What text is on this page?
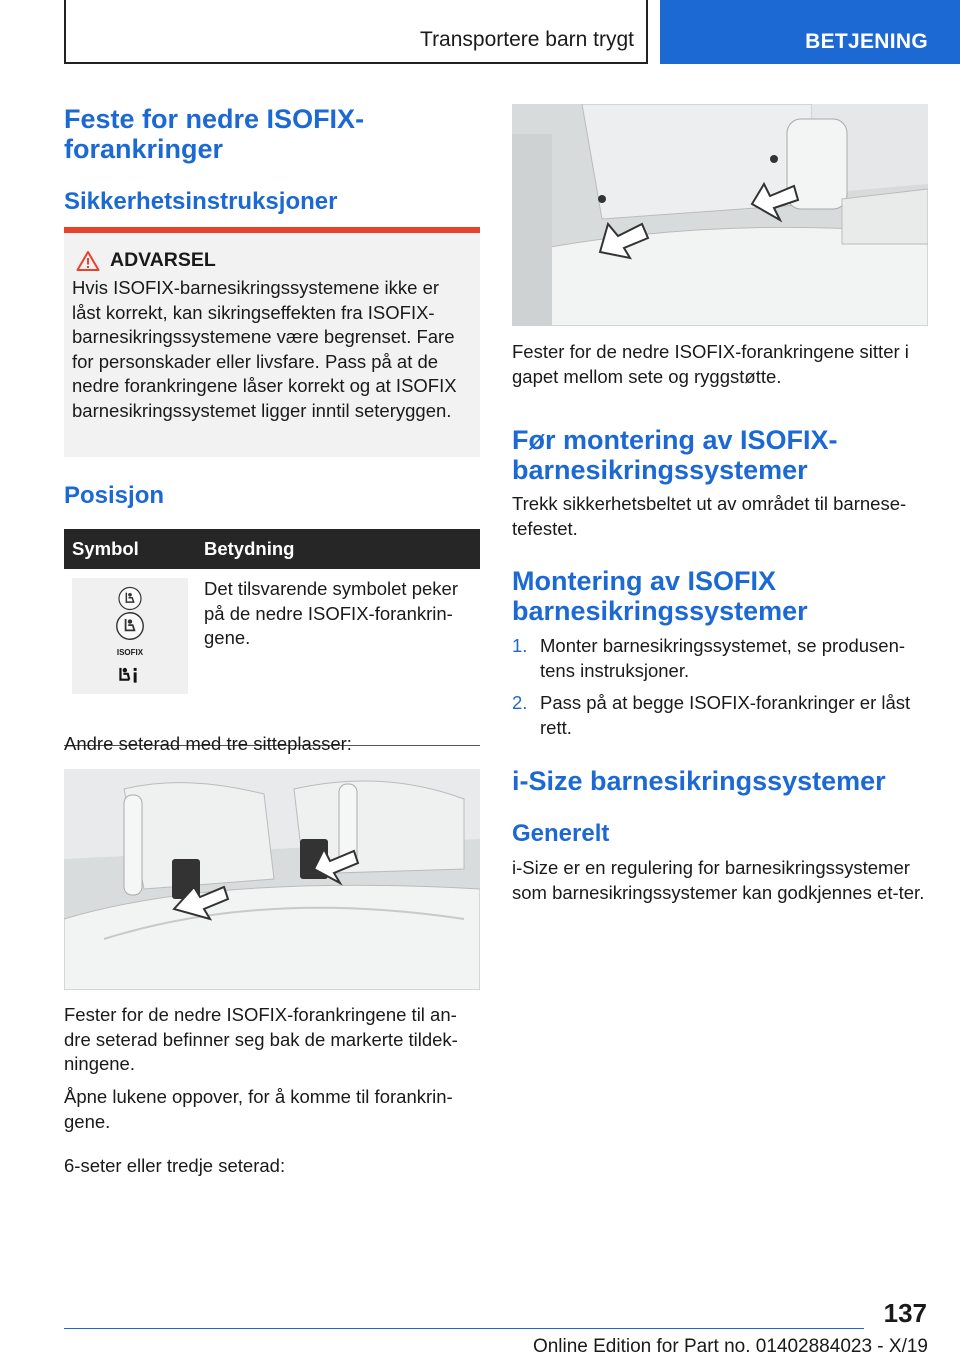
Transportere barn trygt	BETJENING
Feste for nedre ISOFIX-
forankringer
Sikkerhetsinstruksjoner
ADVARSEL
Hvis ISOFIX-barnesikringssystemene ikke er låst korrekt, kan sikringseffekten fra ISOFIX-barnesikringssystemene være begrenset. Fare for personskader eller livsfare. Pass på at de nedre forankringene låser korrekt og at ISOFIX barnesikringssystemet ligger inntil seteryggen.
Posisjon
Symbol	Betydning

ISOFIX	Det tilsvarende symbolet peker på de nedre ISOFIX-forankrin-gene.

Andre seterad med tre sitteplasser:

Fester for de nedre ISOFIX-forankringene til an-dre seterad befinner seg bak de markerte tildek-ningene.

Åpne lukene oppover, for å komme til forankrin-gene.

6-seter eller tredje seterad:

Fester for de nedre ISOFIX-forankringene sitter i gapet mellom sete og ryggstøtte.

Før montering av ISOFIX-
barnesikringssystemer

Trekk sikkerhetsbeltet ut av området til barnese-tefestet.

Montering av ISOFIX
barnesikringssystemer
1. Monter barnesikringssystemet, se produsen-tens instruksjoner.
2. Pass på at begge ISOFIX-forankringer er låst rett.
i-Size barnesikringssystemer
Generelt

i-Size er en regulering for barnesikringssystemer som barnesikringssystemer kan godkjennes et-ter.

137
Online Edition for Part no. 01402884023 - X/19
